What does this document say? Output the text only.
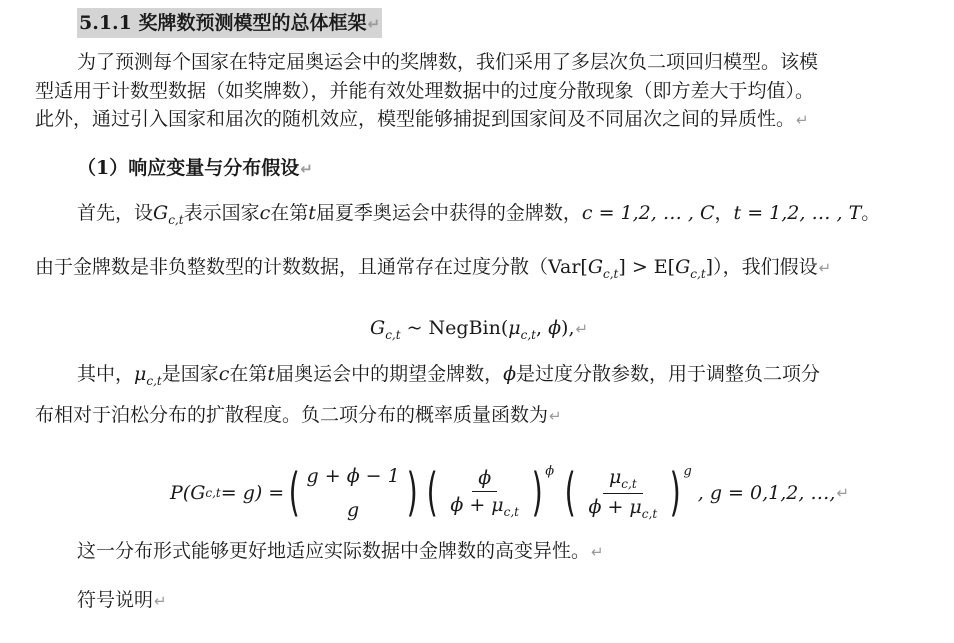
5.1.1 奖牌数预测模型的总体框架↵
为了预测每个国家在特定届奥运会中的奖牌数，我们采用了多层次负二项回归模型。该模
型适用于计数型数据（如奖牌数），并能有效处理数据中的过度分散现象（即方差大于均值）。
此外，通过引入国家和届次的随机效应，模型能够捕捉到国家间及不同届次之间的异质性。↵
（1）响应变量与分布假设↵
首先，设$G_{c,t}$表示国家c在第t届夏季奥运会中获得的金牌数，c = 1,2, … , C，t = 1,2, … , T。
由于金牌数是非负整数型的计数数据，且通常存在过度分散$(Var[G_{c,t}] > E[G_{c,t}])$，我们假设↵
$G_{c,t}$ ~ $NegBin(\mu_{c,t}$, ϕ),↵
其中，$\mu_{c,t}$是国家c在第t届奥运会中的期望金牌数，ϕ是过度分散参数，用于调整负二项分
布相对于泊松分布的扩散程度。负二项分布的概率质量函数为↵
P(G c,t = g) = ( g + ϕ − 1
g ) ( $\frac{\phi}{\phi + \mu_{c,t}}$ ) ϕ ( $\frac{\mu_{c,t}}{\phi + \mu_{c,t}}$ ) g
, g = 0,1,2, …, ↵
这一分布形式能够更好地适应实际数据中金牌数的高变异性。↵
符号说明↵
